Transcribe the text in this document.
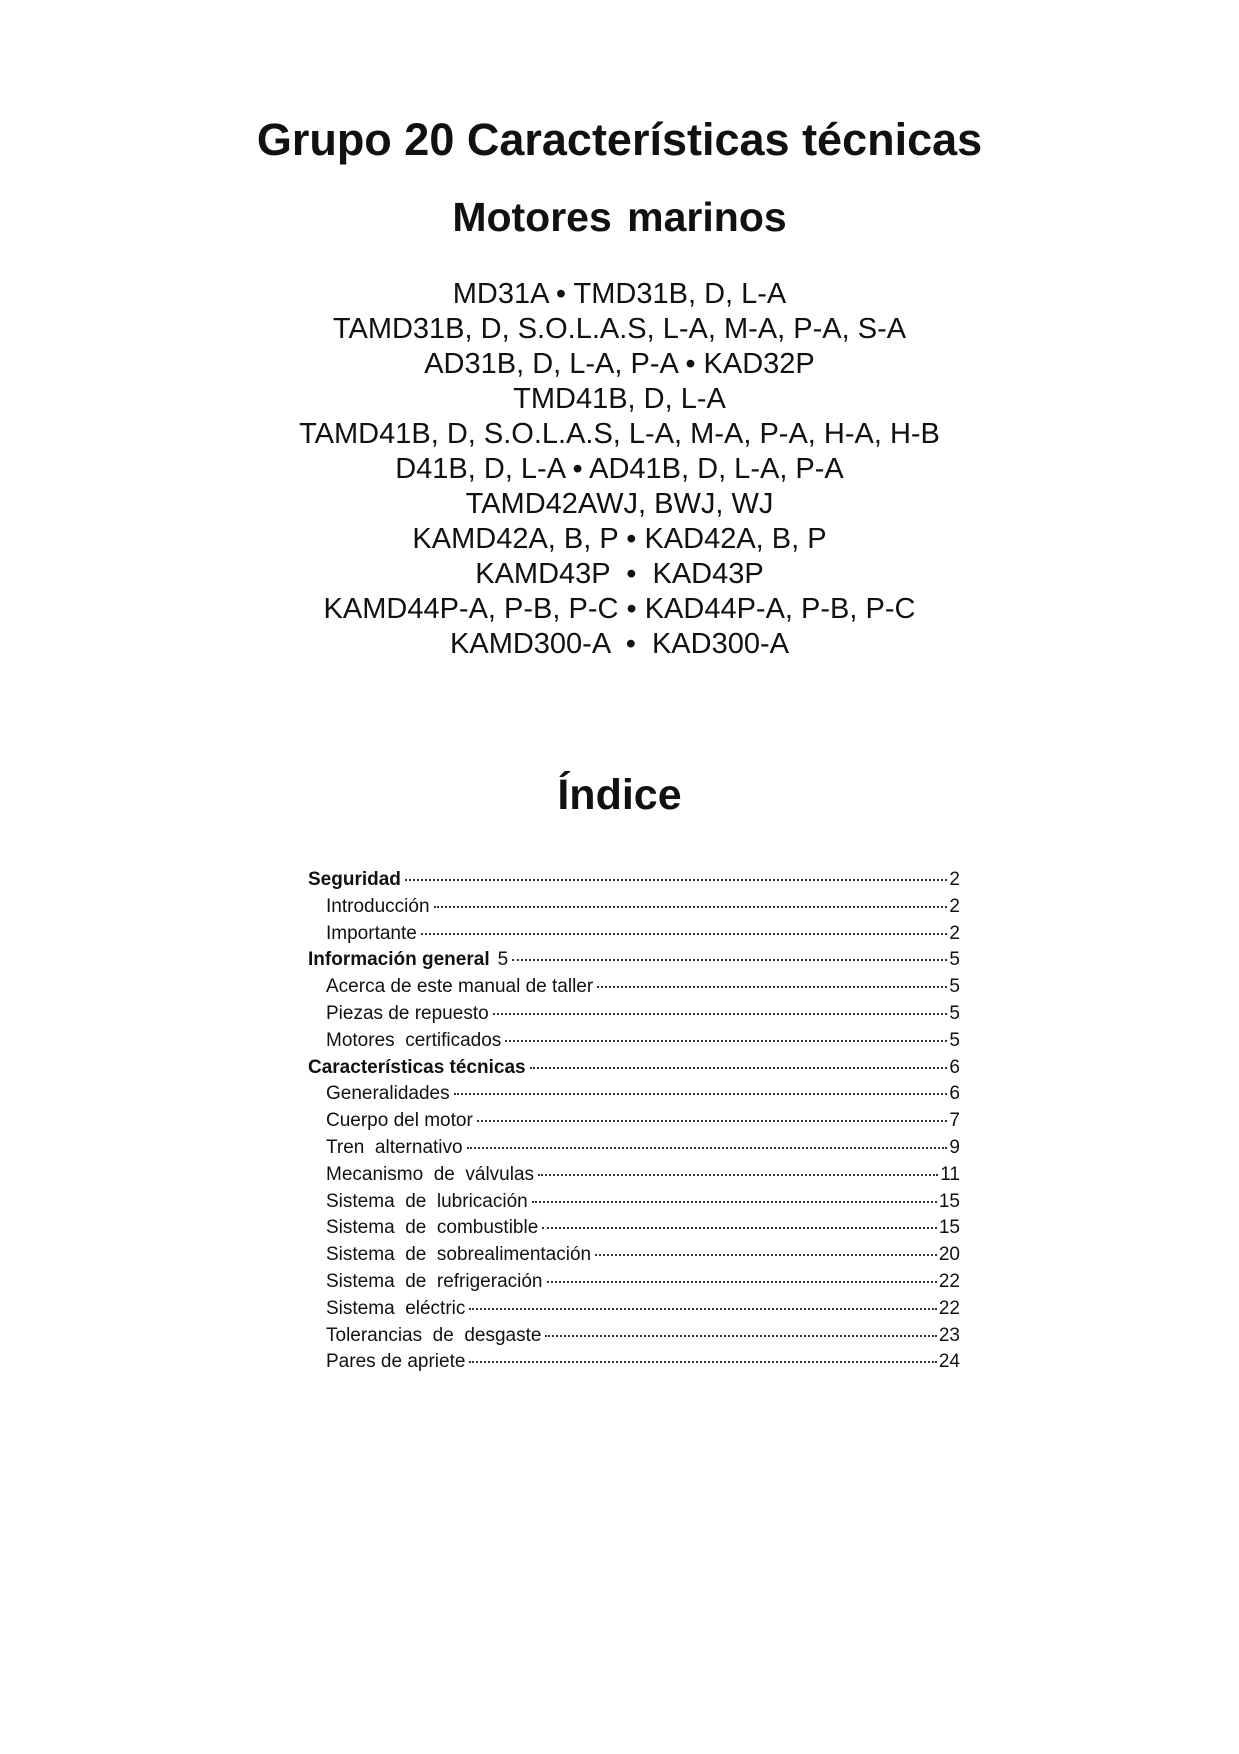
Grupo 20 Características técnicas
Motores marinos
MD31A • TMD31B, D, L-A
TAMD31B, D, S.O.L.A.S, L-A, M-A, P-A, S-A
AD31B, D, L-A, P-A • KAD32P
TMD41B, D, L-A
TAMD41B, D, S.O.L.A.S, L-A, M-A, P-A, H-A, H-B
D41B, D, L-A • AD41B, D, L-A, P-A
TAMD42AWJ, BWJ, WJ
KAMD42A, B, P • KAD42A, B, P
KAMD43P  •  KAD43P
KAMD44P-A, P-B, P-C • KAD44P-A, P-B, P-C
KAMD300-A  •  KAD300-A
Índice
Seguridad	2
Introducción	2
Importante	2
Información general 5	5
Acerca de este manual de taller	5
Piezas de repuesto	5
Motores  certificados	5
Características técnicas	6
Generalidades	6
Cuerpo del motor	7
Tren  alternativo	9
Mecanismo  de  válvulas	11
Sistema  de  lubricación	15
Sistema  de  combustible	15
Sistema  de  sobrealimentación	20
Sistema  de  refrigeración	22
Sistema  eléctric	22
Tolerancias  de  desgaste	23
Pares de apriete	24
